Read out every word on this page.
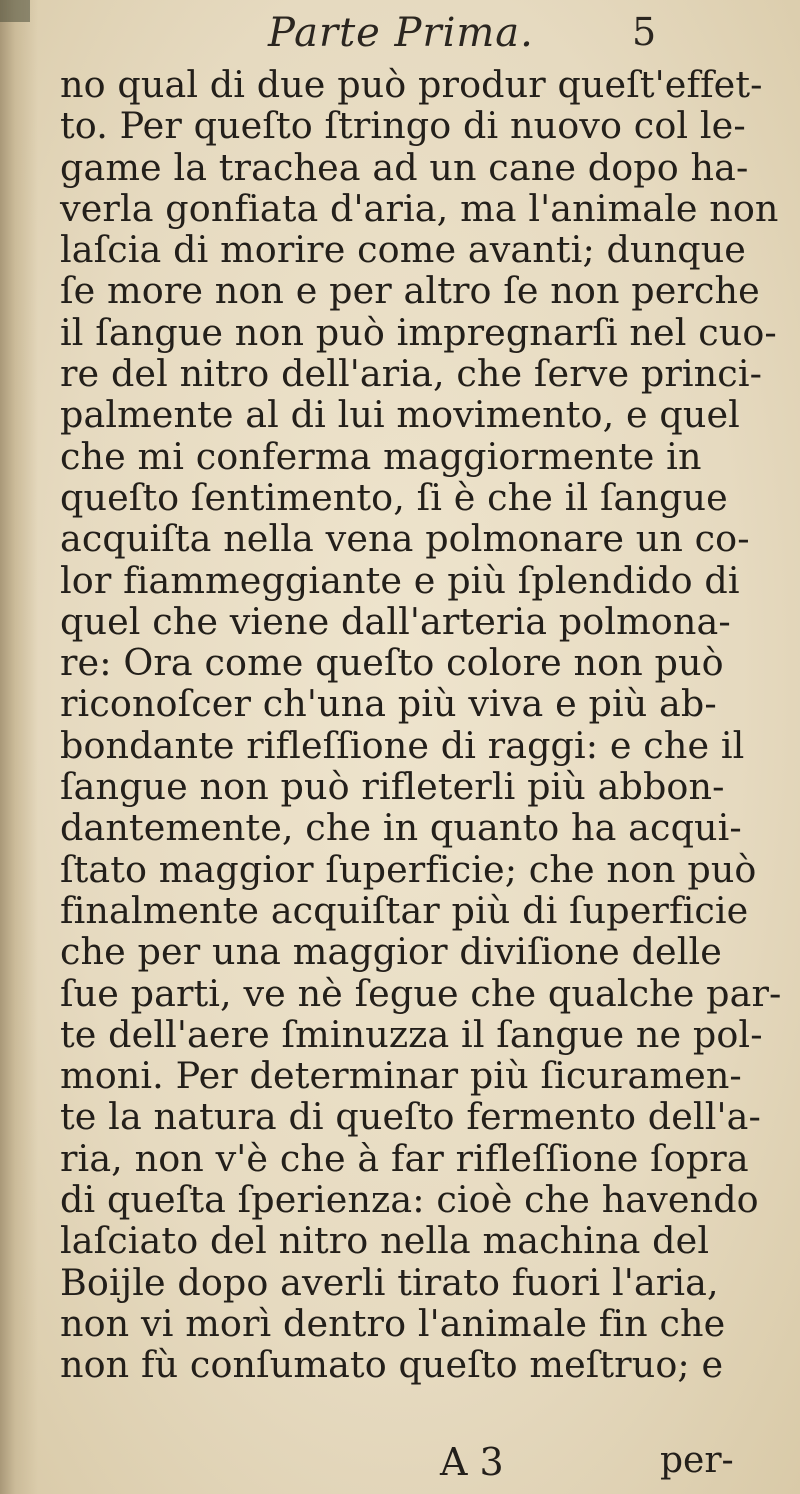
Parte Prima.	5
no qual di due può produr queſt'effet-
to. Per queſto ſtringo di nuovo col le-
game la trachea ad un cane dopo ha-
verla gonfiata d'aria, ma l'animale non
laſcia di morire come avanti; dunque
ſe more non e per altro ſe non perche
il ſangue non può impregnarſi nel cuo-
re del nitro dell'aria, che ſerve princi-
palmente al di lui movimento, e quel
che mi conferma maggiormente in
queſto ſentimento, ſi è che il ſangue
acquiſta nella vena polmonare un co-
lor fiammeggiante e più ſplendido di
quel che viene dall'arteria polmona-
re: Ora come queſto colore non può
riconoſcer ch'una più viva e più ab-
bondante rifleſſione di raggi: e che il
ſangue non può rifleterli più abbon-
dantemente, che in quanto ha acqui-
ſtato maggior ſuperficie; che non può
finalmente acquiſtar più di ſuperficie
che per una maggior diviſione delle
ſue parti, ve nè ſegue che qualche par-
te dell'aere ſminuzza il ſangue ne pol-
moni. Per determinar più ſicuramen-
te la natura di queſto fermento dell'a-
ria, non v'è che à far rifleſſione ſopra
di queſta ſperienza: cioè che havendo
laſciato del nitro nella machina del
Boijle dopo averli tirato fuori l'aria,
non vi morì dentro l'animale fin che
non fù conſumato queſto meſtruo; e
A 3	per-
